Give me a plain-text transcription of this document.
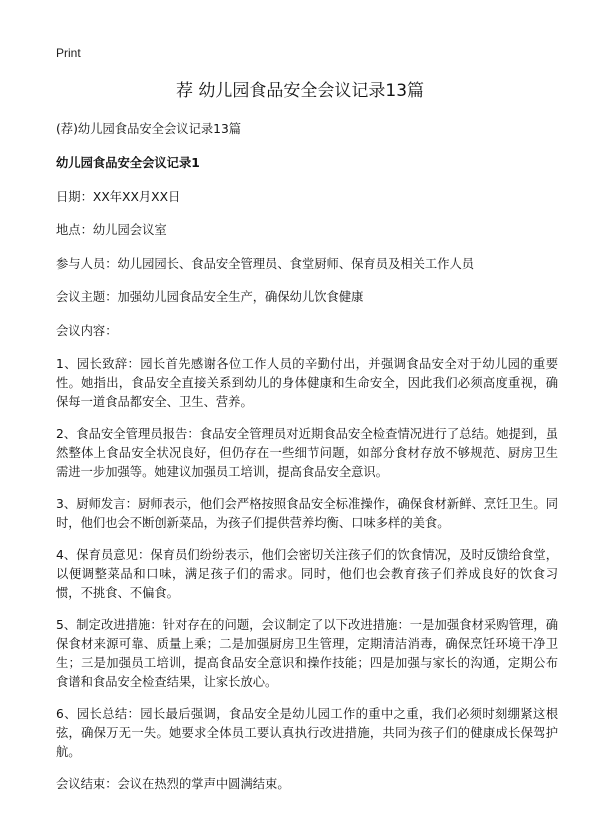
Print
荐 幼儿园食品安全会议记录13篇

(荐)幼儿园食品安全会议记录13篇

幼儿园食品安全会议记录1

日期：XX年XX月XX日

地点：幼儿园会议室

参与人员：幼儿园园长、食品安全管理员、食堂厨师、保育员及相关工作人员

会议主题：加强幼儿园食品安全生产，确保幼儿饮食健康

会议内容：

1、园长致辞：园长首先感谢各位工作人员的辛勤付出，并强调食品安全对于幼儿园的重要性。她指出，食品安全直接关系到幼儿的身体健康和生命安全，因此我们必须高度重视，确保每一道食品都安全、卫生、营养。

2、食品安全管理员报告：食品安全管理员对近期食品安全检查情况进行了总结。她提到，虽然整体上食品安全状况良好，但仍存在一些细节问题，如部分食材存放不够规范、厨房卫生需进一步加强等。她建议加强员工培训，提高食品安全意识。

3、厨师发言：厨师表示，他们会严格按照食品安全标准操作，确保食材新鲜、烹饪卫生。同时，他们也会不断创新菜品，为孩子们提供营养均衡、口味多样的美食。

4、保育员意见：保育员们纷纷表示，他们会密切关注孩子们的饮食情况，及时反馈给食堂，以便调整菜品和口味，满足孩子们的需求。同时，他们也会教育孩子们养成良好的饮食习惯，不挑食、不偏食。

5、制定改进措施：针对存在的问题，会议制定了以下改进措施：一是加强食材采购管理，确保食材来源可靠、质量上乘；二是加强厨房卫生管理，定期清洁消毒，确保烹饪环境干净卫生；三是加强员工培训，提高食品安全意识和操作技能；四是加强与家长的沟通，定期公布食谱和食品安全检查结果，让家长放心。

6、园长总结：园长最后强调，食品安全是幼儿园工作的重中之重，我们必须时刻绷紧这根弦，确保万无一失。她要求全体员工要认真执行改进措施，共同为孩子们的健康成长保驾护航。

会议结束：会议在热烈的掌声中圆满结束。
